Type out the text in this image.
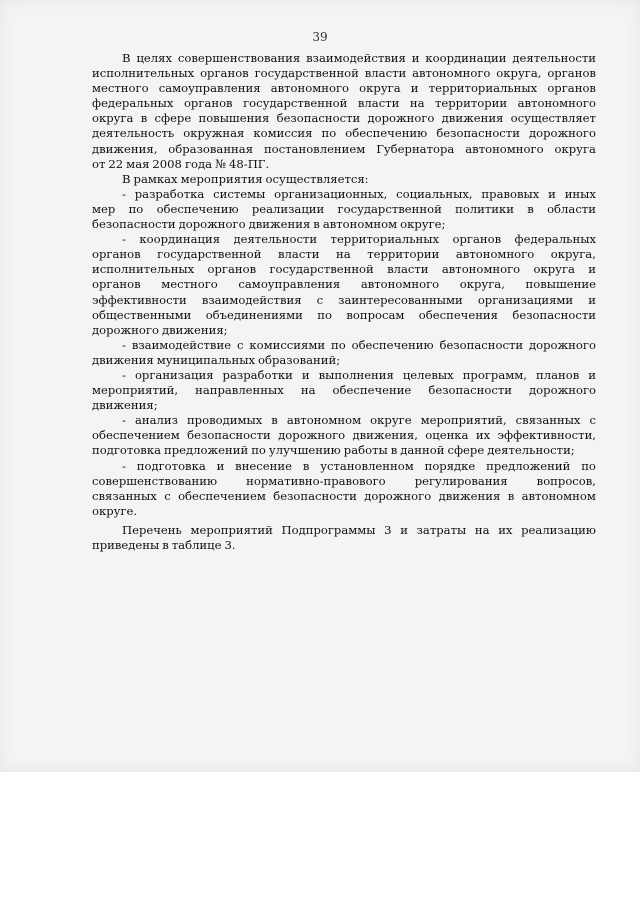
39
В целях совершенствования взаимодействия и координации деятельности
исполнительных органов государственной власти автономного округа, органов
местного самоуправления автономного округа и территориальных органов
федеральных органов государственной власти на территории автономного
округа в сфере повышения безопасности дорожного движения осуществляет
деятельность окружная комиссия по обеспечению безопасности дорожного
движения, образованная постановлением Губернатора автономного округа
от 22 мая 2008 года № 48-ПГ.
В рамках мероприятия осуществляется:
- разработка системы организационных, социальных, правовых и иных
мер по обеспечению реализации государственной политики в области
безопасности дорожного движения в автономном округе;
- координация деятельности территориальных органов федеральных
органов государственной власти на территории автономного округа,
исполнительных органов государственной власти автономного округа и
органов местного самоуправления автономного округа, повышение
эффективности взаимодействия с заинтересованными организациями и
общественными объединениями по вопросам обеспечения безопасности
дорожного движения;
- взаимодействие с комиссиями по обеспечению безопасности дорожного
движения муниципальных образований;
- организация разработки и выполнения целевых программ, планов и
мероприятий, направленных на обеспечение безопасности дорожного
движения;
- анализ проводимых в автономном округе мероприятий, связанных с
обеспечением безопасности дорожного движения, оценка их эффективности,
подготовка предложений по улучшению работы в данной сфере деятельности;
- подготовка и внесение в установленном порядке предложений по
совершенствованию	нормативно-правового	регулирования	вопросов,
связанных с обеспечением безопасности дорожного движения в автономном
округе.
Перечень мероприятий Подпрограммы 3 и затраты на их реализацию
приведены в таблице 3.
